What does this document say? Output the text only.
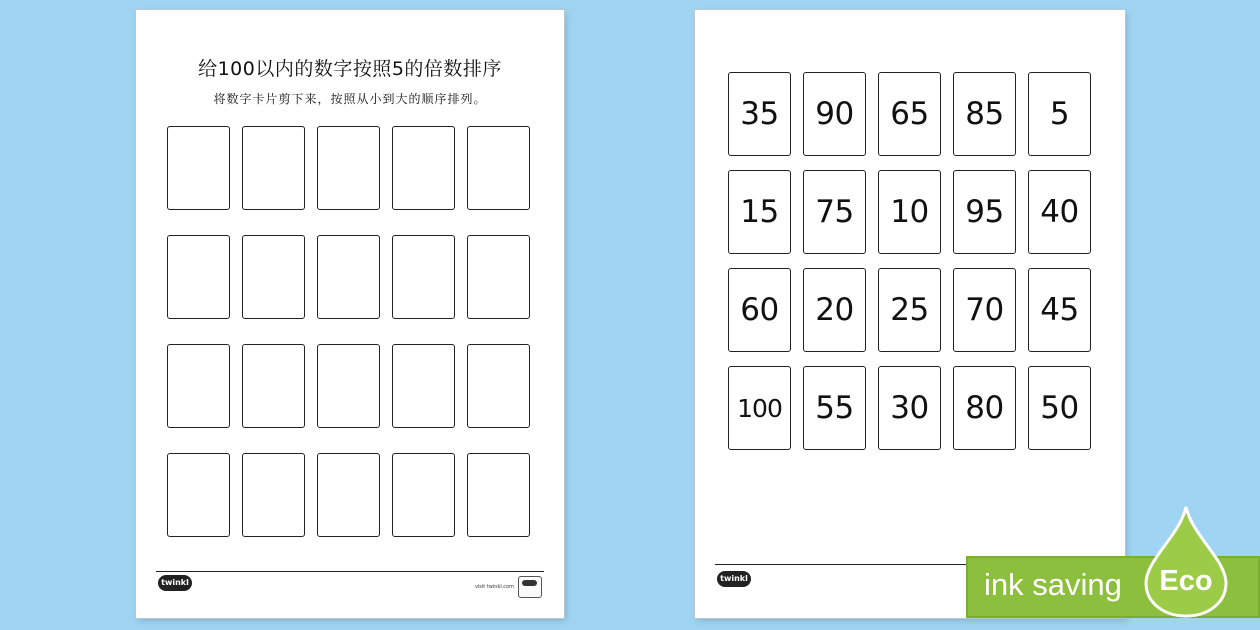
给100以内的数字按照5的倍数排序
将数字卡片剪下来，按照从小到大的顺序排列。
twinkl	visit twinkl.com
35	90	65	85	5
15	75	10	95	40
60	20	25	70	45
100	55	30	80	50
twinkl	ink saving	Eco
